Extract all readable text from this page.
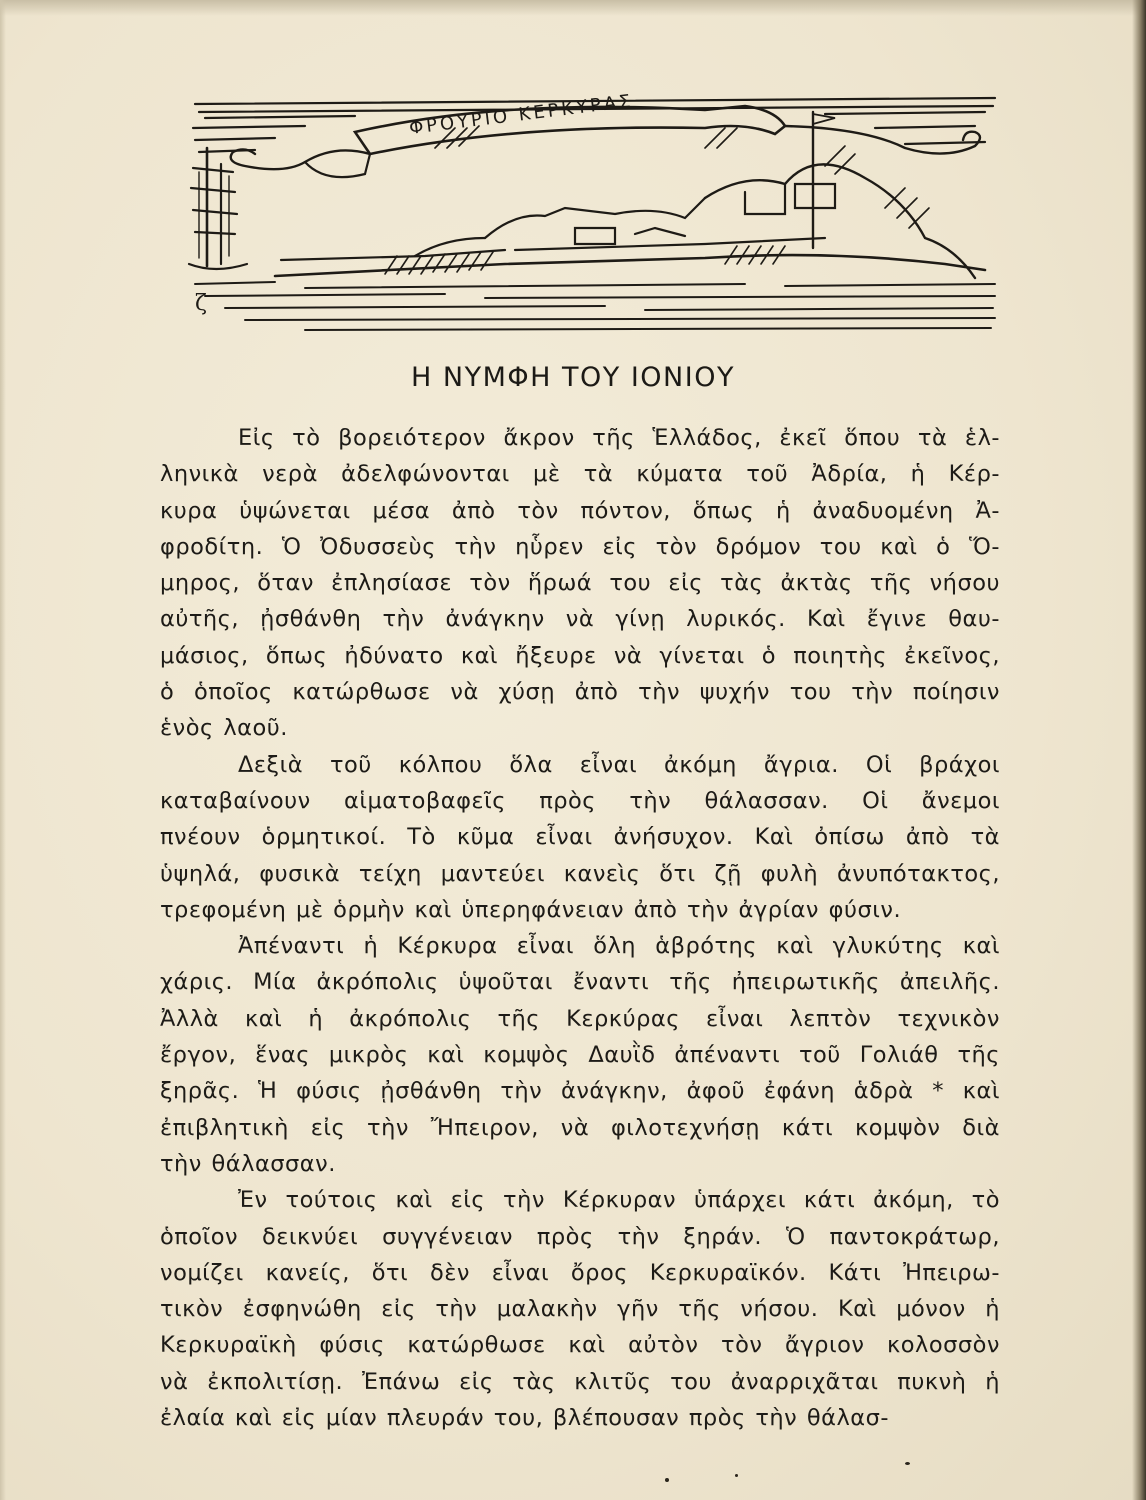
ΦΡΟΥΡΙΟ ΚΕΡΚΥΡΑΣ
ζ
Η ΝΥΜΦΗ ΤΟΥ ΙΟΝΙΟΥ
Εἰς τὸ βορειότερον ἄκρον τῆς Ἑλλάδος, ἐκεῖ ὅπου τὰ ἑλ-
ληνικὰ νερὰ ἀδελφώνονται μὲ τὰ κύματα τοῦ Ἀδρία, ἡ Κέρ-
κυρα ὑψώνεται μέσα ἀπὸ τὸν πόντον, ὅπως ἡ ἀναδυομένη Ἀ-
φροδίτη. Ὁ Ὀδυσσεὺς τὴν ηὗρεν εἰς τὸν δρόμον του καὶ ὁ Ὅ-
μηρος, ὅταν ἐπλησίασε τὸν ἥρωά του εἰς τὰς ἀκτὰς τῆς νήσου
αὐτῆς, ᾐσθάνθη τὴν ἀνάγκην νὰ γίνῃ λυρικός. Καὶ ἔγινε θαυ-
μάσιος, ὅπως ἠδύνατο καὶ ἤξευρε νὰ γίνεται ὁ ποιητὴς ἐκεῖνος,
ὁ ὁποῖος κατώρθωσε νὰ χύσῃ ἀπὸ τὴν ψυχήν του τὴν ποίησιν
ἑνὸς λαοῦ.
Δεξιὰ τοῦ κόλπου ὅλα εἶναι ἀκόμη ἄγρια. Οἱ βράχοι
καταβαίνουν αἱματοβαφεῖς πρὸς τὴν θάλασσαν. Οἱ ἄνεμοι
πνέουν ὁρμητικοί. Τὸ κῦμα εἶναι ἀνήσυχον. Καὶ ὀπίσω ἀπὸ τὰ
ὑψηλά, φυσικὰ τείχη μαντεύει κανεὶς ὅτι ζῇ φυλὴ ἀνυπότακτος,
τρεφομένη μὲ ὁρμὴν καὶ ὑπερηφάνειαν ἀπὸ τὴν ἀγρίαν φύσιν.
Ἀπέναντι ἡ Κέρκυρα εἶναι ὅλη ἁβρότης καὶ γλυκύτης καὶ
χάρις. Μία ἀκρόπολις ὑψοῦται ἔναντι τῆς ἠπειρωτικῆς ἀπειλῆς.
Ἀλλὰ καὶ ἡ ἀκρόπολις τῆς Κερκύρας εἶναι λεπτὸν τεχνικὸν
ἔργον, ἕνας μικρὸς καὶ κομψὸς Δαυῒδ ἀπέναντι τοῦ Γολιάθ τῆς
ξηρᾶς. Ἡ φύσις ᾐσθάνθη τὴν ἀνάγκην, ἀφοῦ ἐφάνη ἁδρὰ * καὶ
ἐπιβλητικὴ εἰς τὴν Ἤπειρον, νὰ φιλοτεχνήσῃ κάτι κομψὸν διὰ
τὴν θάλασσαν.
Ἐν τούτοις καὶ εἰς τὴν Κέρκυραν ὑπάρχει κάτι ἀκόμη, τὸ
ὁποῖον δεικνύει συγγένειαν πρὸς τὴν ξηράν. Ὁ παντοκράτωρ,
νομίζει κανείς, ὅτι δὲν εἶναι ὄρος Κερκυραϊκόν. Κάτι Ἠπειρω-
τικὸν ἐσφηνώθη εἰς τὴν μαλακὴν γῆν τῆς νήσου. Καὶ μόνον ἡ
Κερκυραϊκὴ φύσις κατώρθωσε καὶ αὐτὸν τὸν ἄγριον κολοσσὸν
νὰ ἐκπολιτίσῃ. Ἐπάνω εἰς τὰς κλιτῦς του ἀναρριχᾶται πυκνὴ ἡ
ἐλαία καὶ εἰς μίαν πλευράν του, βλέπουσαν πρὸς τὴν θάλασ-
